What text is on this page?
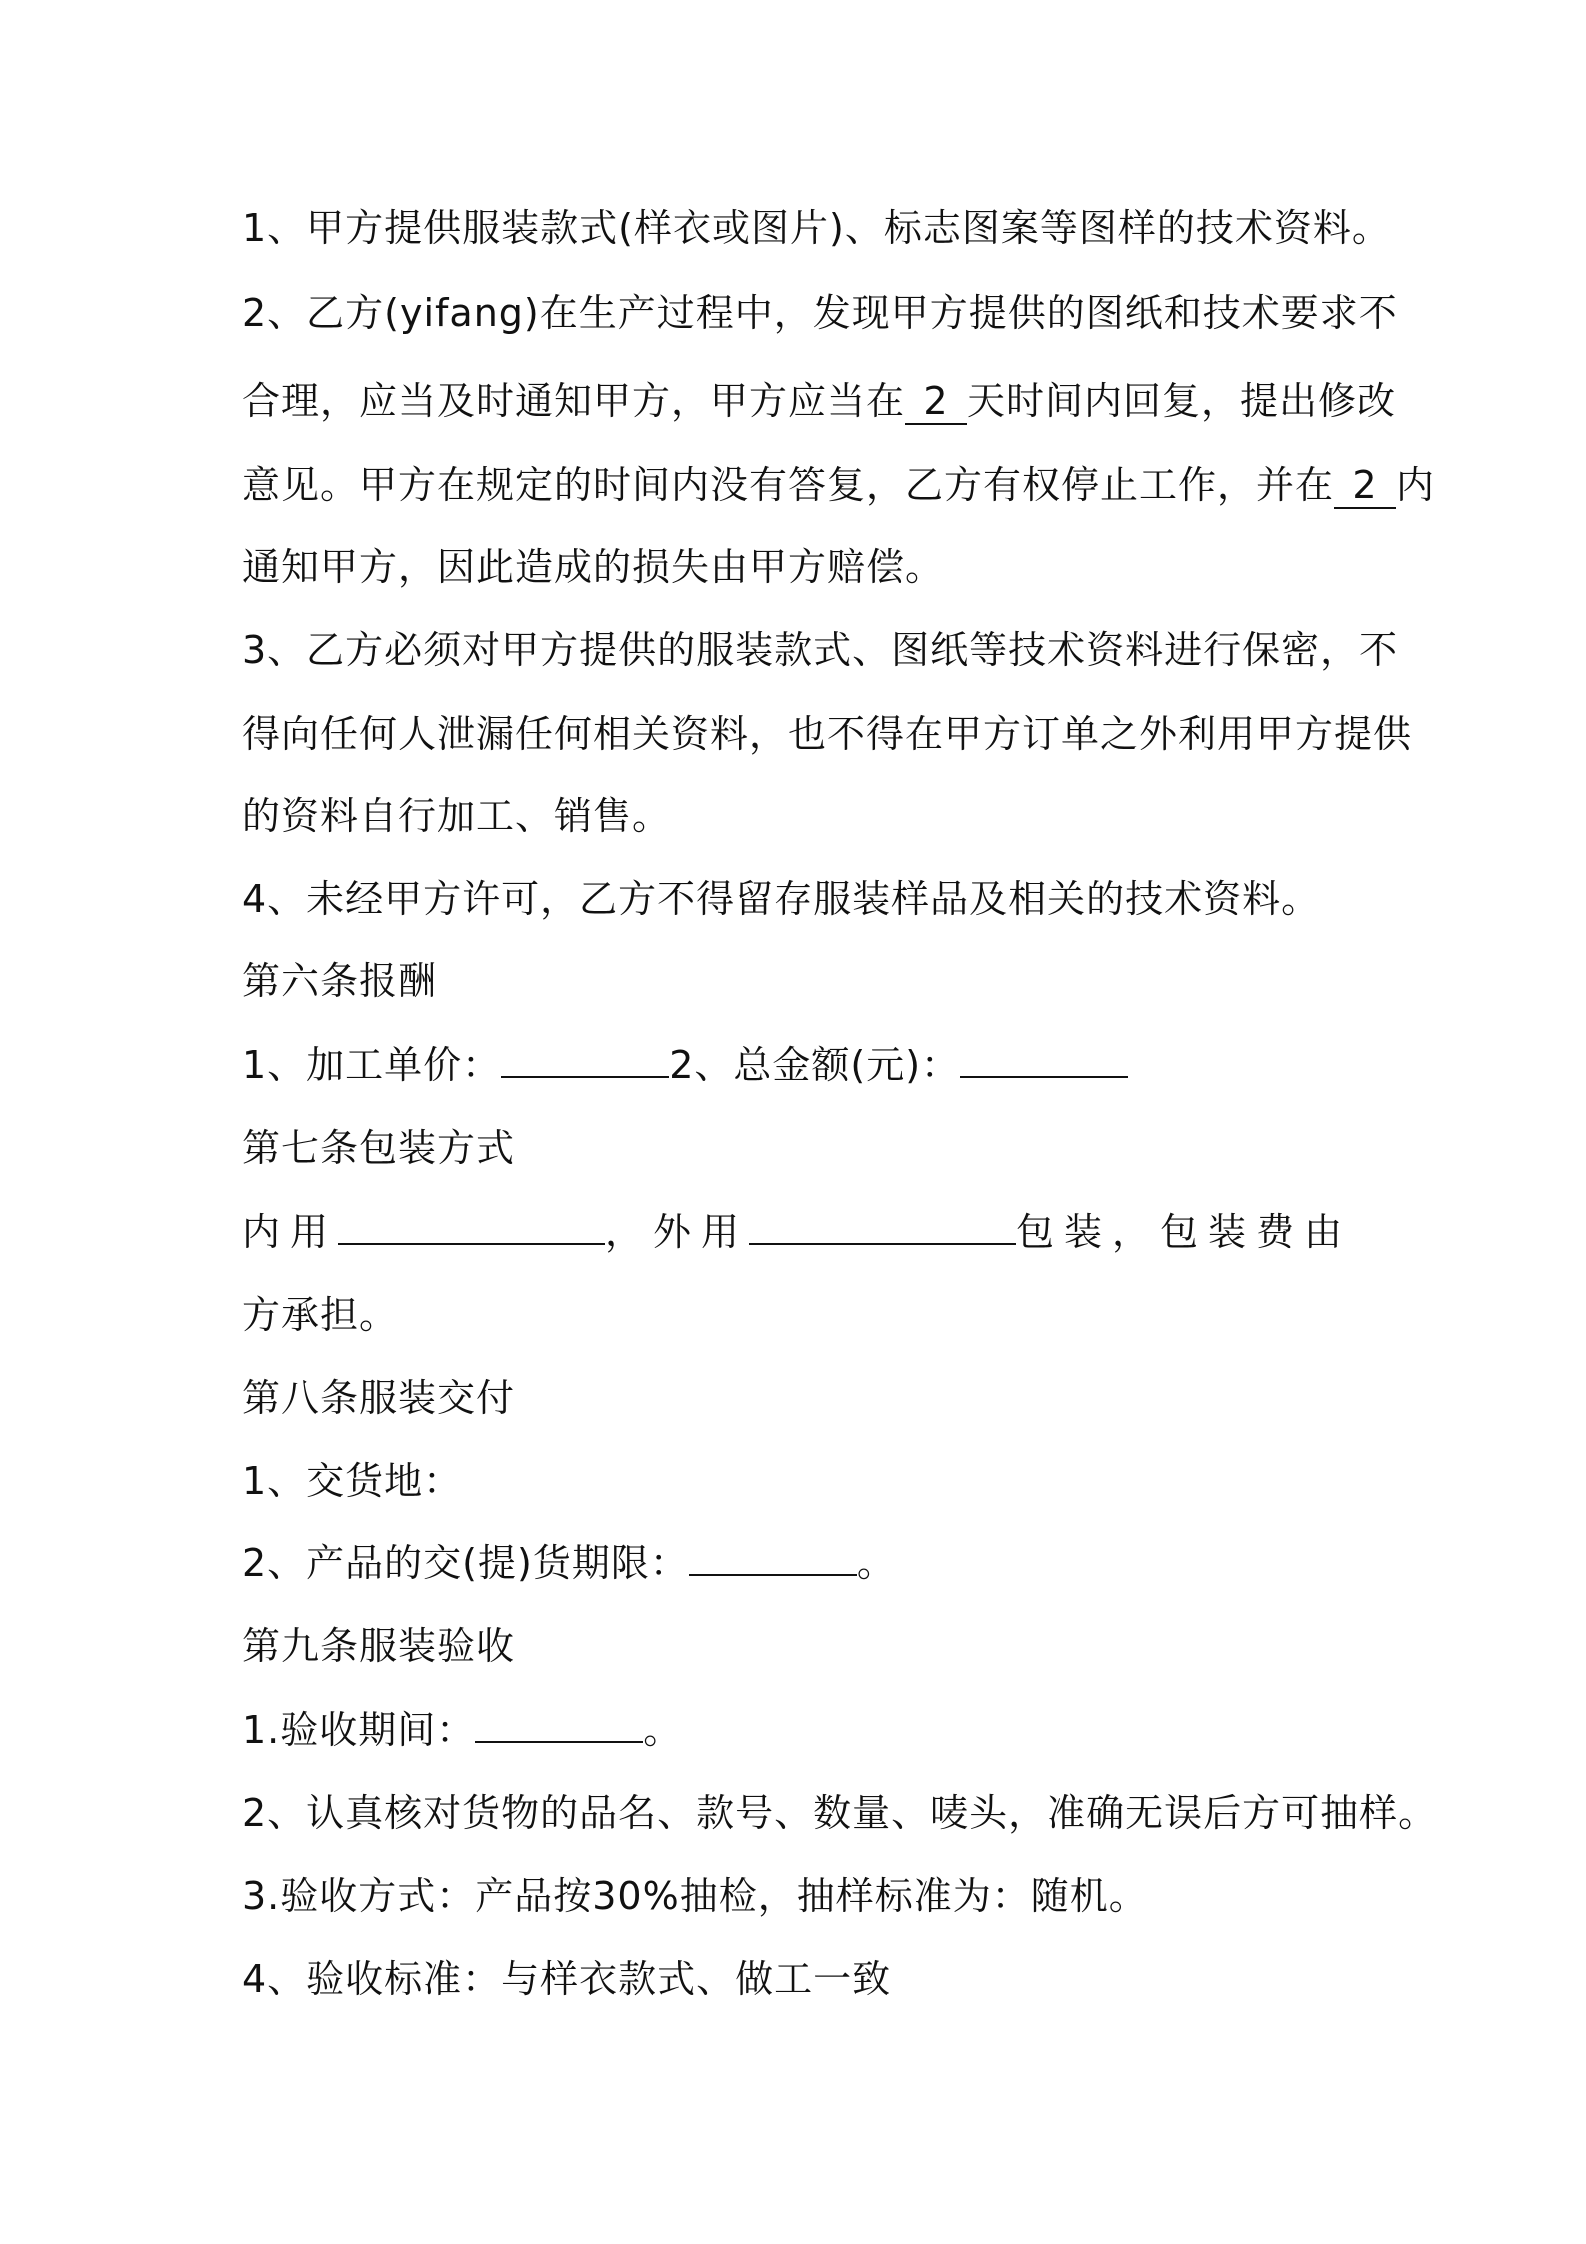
1、甲方提供服装款式(样衣或图片)、标志图案等图样的技术资料。
2、乙方(yifang)在生产过程中，发现甲方提供的图纸和技术要求不
合理，应当及时通知甲方，甲方应当在 2 天时间内回复，提出修改
意见。甲方在规定的时间内没有答复，乙方有权停止工作，并在 2 内
通知甲方，因此造成的损失由甲方赔偿。
3、乙方必须对甲方提供的服装款式、图纸等技术资料进行保密，不
得向任何人泄漏任何相关资料，也不得在甲方订单之外利用甲方提供
的资料自行加工、销售。
4、未经甲方许可，乙方不得留存服装样品及相关的技术资料。
第六条报酬
1、加工单价：	2、总金额(元)：
第七条包装方式
内用	，外用	包装，包装费由
方承担。
第八条服装交付
1、交货地：
2、产品的交(提)货期限：	。
第九条服装验收
1.验收期间：	。
2、认真核对货物的品名、款号、数量、唛头，准确无误后方可抽样。
3.验收方式：产品按30%抽检，抽样标准为：随机。
4、验收标准：与样衣款式、做工一致
